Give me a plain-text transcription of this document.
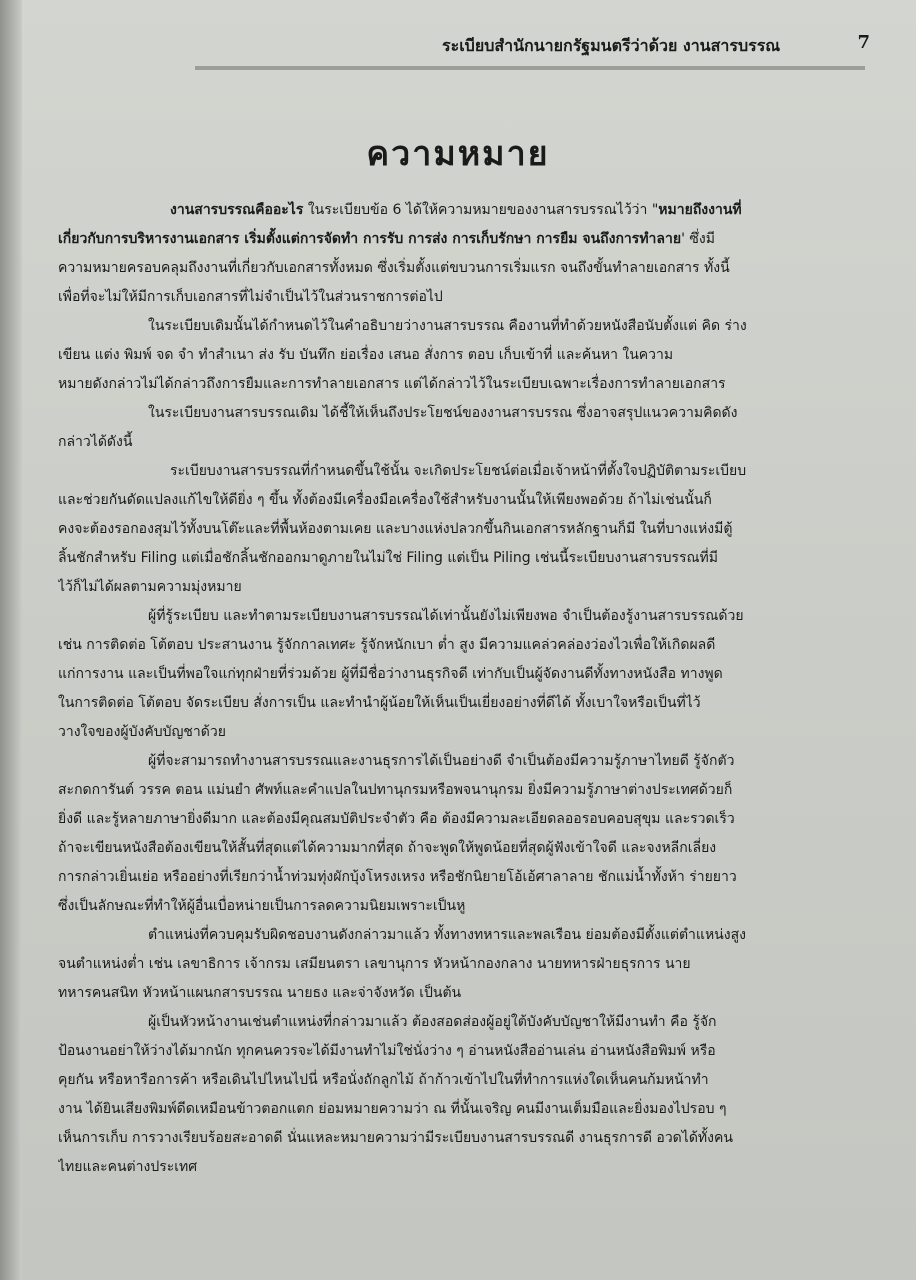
ระเบียบสำนักนายกรัฐมนตรีว่าด้วย งานสารบรรณ	7
ความหมาย
งานสารบรรณคืออะไร ในระเบียบข้อ 6 ได้ให้ความหมายของงานสารบรรณไว้ว่า "หมายถึงงานที่
เกี่ยวกับการบริหารงานเอกสาร เริ่มตั้งแต่การจัดทำ การรับ การส่ง การเก็บรักษา การยืม จนถึงการทำลาย' ซึ่งมี
ความหมายครอบคลุมถึงงานที่เกี่ยวกับเอกสารทั้งหมด ซึ่งเริ่มตั้งแต่ขบวนการเริ่มแรก จนถึงขั้นทำลายเอกสาร ทั้งนี้
เพื่อที่จะไม่ให้มีการเก็บเอกสารที่ไม่จำเป็นไว้ในส่วนราชการต่อไป
ในระเบียบเดิมนั้นได้กำหนดไว้ในคำอธิบายว่างานสารบรรณ คืองานที่ทำด้วยหนังสือนับตั้งแต่ คิด ร่าง
เขียน แต่ง พิมพ์ จด จำ ทำสำเนา ส่ง รับ บันทึก ย่อเรื่อง เสนอ สั่งการ ตอบ เก็บเข้าที่ และค้นหา ในความ
หมายดังกล่าวไม่ได้กล่าวถึงการยืมและการทำลายเอกสาร แต่ได้กล่าวไว้ในระเบียบเฉพาะเรื่องการทำลายเอกสาร
ในระเบียบงานสารบรรณเดิม ได้ชี้ให้เห็นถึงประโยชน์ของงานสารบรรณ ซึ่งอาจสรุปแนวความคิดดัง
กล่าวได้ดังนี้
ระเบียบงานสารบรรณที่กำหนดขึ้นใช้นั้น จะเกิดประโยชน์ต่อเมื่อเจ้าหน้าที่ตั้งใจปฏิบัติตามระเบียบ
และช่วยกันดัดแปลงแก้ไขให้ดียิ่ง ๆ ขึ้น ทั้งต้องมีเครื่องมือเครื่องใช้สำหรับงานนั้นให้เพียงพอด้วย ถ้าไม่เช่นนั้นก็
คงจะต้องรอกองสุมไว้ทั้งบนโต๊ะและที่พื้นห้องตามเคย และบางแห่งปลวกขึ้นกินเอกสารหลักฐานก็มี ในที่บางแห่งมีตู้
ลิ้นชักสำหรับ Filing แต่เมื่อชักลิ้นชักออกมาดูภายในไม่ใช่ Filing แต่เป็น Piling เช่นนี้ระเบียบงานสารบรรณที่มี
ไว้ก็ไม่ได้ผลตามความมุ่งหมาย
ผู้ที่รู้ระเบียบ และทำตามระเบียบงานสารบรรณได้เท่านั้นยังไม่เพียงพอ จำเป็นต้องรู้งานสารบรรณด้วย
เช่น การติดต่อ โต้ตอบ ประสานงาน รู้จักกาลเทศะ รู้จักหนักเบา ต่ำ สูง มีความแคล่วคล่องว่องไวเพื่อให้เกิดผลดี
แก่การงาน และเป็นที่พอใจแก่ทุกฝ่ายที่ร่วมด้วย ผู้ที่มีชื่อว่างานธุรกิจดี เท่ากับเป็นผู้จัดงานดีทั้งทางหนังสือ ทางพูด
ในการติดต่อ โต้ตอบ จัดระเบียบ สั่งการเป็น และทำนำผู้น้อยให้เห็นเป็นเยี่ยงอย่างที่ดีได้ ทั้งเบาใจหรือเป็นที่ไว้
วางใจของผู้บังคับบัญชาด้วย
ผู้ที่จะสามารถทำงานสารบรรณและงานธุรการได้เป็นอย่างดี จำเป็นต้องมีความรู้ภาษาไทยดี รู้จักตัว
สะกดการันต์ วรรค ตอน แม่นยำ ศัพท์และคำแปลในปทานุกรมหรือพจนานุกรม ยิ่งมีความรู้ภาษาต่างประเทศด้วยก็
ยิ่งดี และรู้หลายภาษายิ่งดีมาก และต้องมีคุณสมบัติประจำตัว คือ ต้องมีความละเอียดลออรอบคอบสุขุม และรวดเร็ว
ถ้าจะเขียนหนังสือต้องเขียนให้สั้นที่สุดแต่ได้ความมากที่สุด ถ้าจะพูดให้พูดน้อยที่สุดผู้ฟังเข้าใจดี และจงหลีกเลี่ยง
การกล่าวเยิ่นเย่อ หรืออย่างที่เรียกว่าน้ำท่วมทุ่งผักบุ้งโหรงเหรง หรือชักนิยายโอ้เอ้ศาลาลาย ชักแม่น้ำทั้งห้า ร่ายยาว
ซึ่งเป็นลักษณะที่ทำให้ผู้อื่นเบื่อหน่ายเป็นการลดความนิยมเพราะเป็นหู
ตำแหน่งที่ควบคุมรับผิดชอบงานดังกล่าวมาแล้ว ทั้งทางทหารและพลเรือน ย่อมต้องมีตั้งแต่ตำแหน่งสูง
จนตำแหน่งต่ำ เช่น เลขาธิการ เจ้ากรม เสมียนตรา เลขานุการ หัวหน้ากองกลาง นายทหารฝ่ายธุรการ นาย
ทหารคนสนิท หัวหน้าแผนกสารบรรณ นายธง และจ่าจังหวัด เป็นต้น
ผู้เป็นหัวหน้างานเช่นตำแหน่งที่กล่าวมาแล้ว ต้องสอดส่องผู้อยู่ใต้บังคับบัญชาให้มีงานทำ คือ รู้จัก
ป้อนงานอย่าให้ว่างได้มากนัก ทุกคนควรจะได้มีงานทำไม่ใช่นั่งว่าง ๆ อ่านหนังสืออ่านเล่น อ่านหนังสือพิมพ์ หรือ
คุยกัน หรือหารือการค้า หรือเดินไปไหนไปนี่ หรือนั่งถักลูกไม้ ถ้าก้าวเข้าไปในที่ทำการแห่งใดเห็นคนก้มหน้าทำ
งาน ได้ยินเสียงพิมพ์ดีดเหมือนข้าวตอกแตก ย่อมหมายความว่า ณ ที่นั้นเจริญ คนมีงานเต็มมือและยิ่งมองไปรอบ ๆ
เห็นการเก็บ การวางเรียบร้อยสะอาดดี นั่นแหละหมายความว่ามีระเบียบงานสารบรรณดี งานธุรการดี อวดได้ทั้งคน
ไทยและคนต่างประเทศ
